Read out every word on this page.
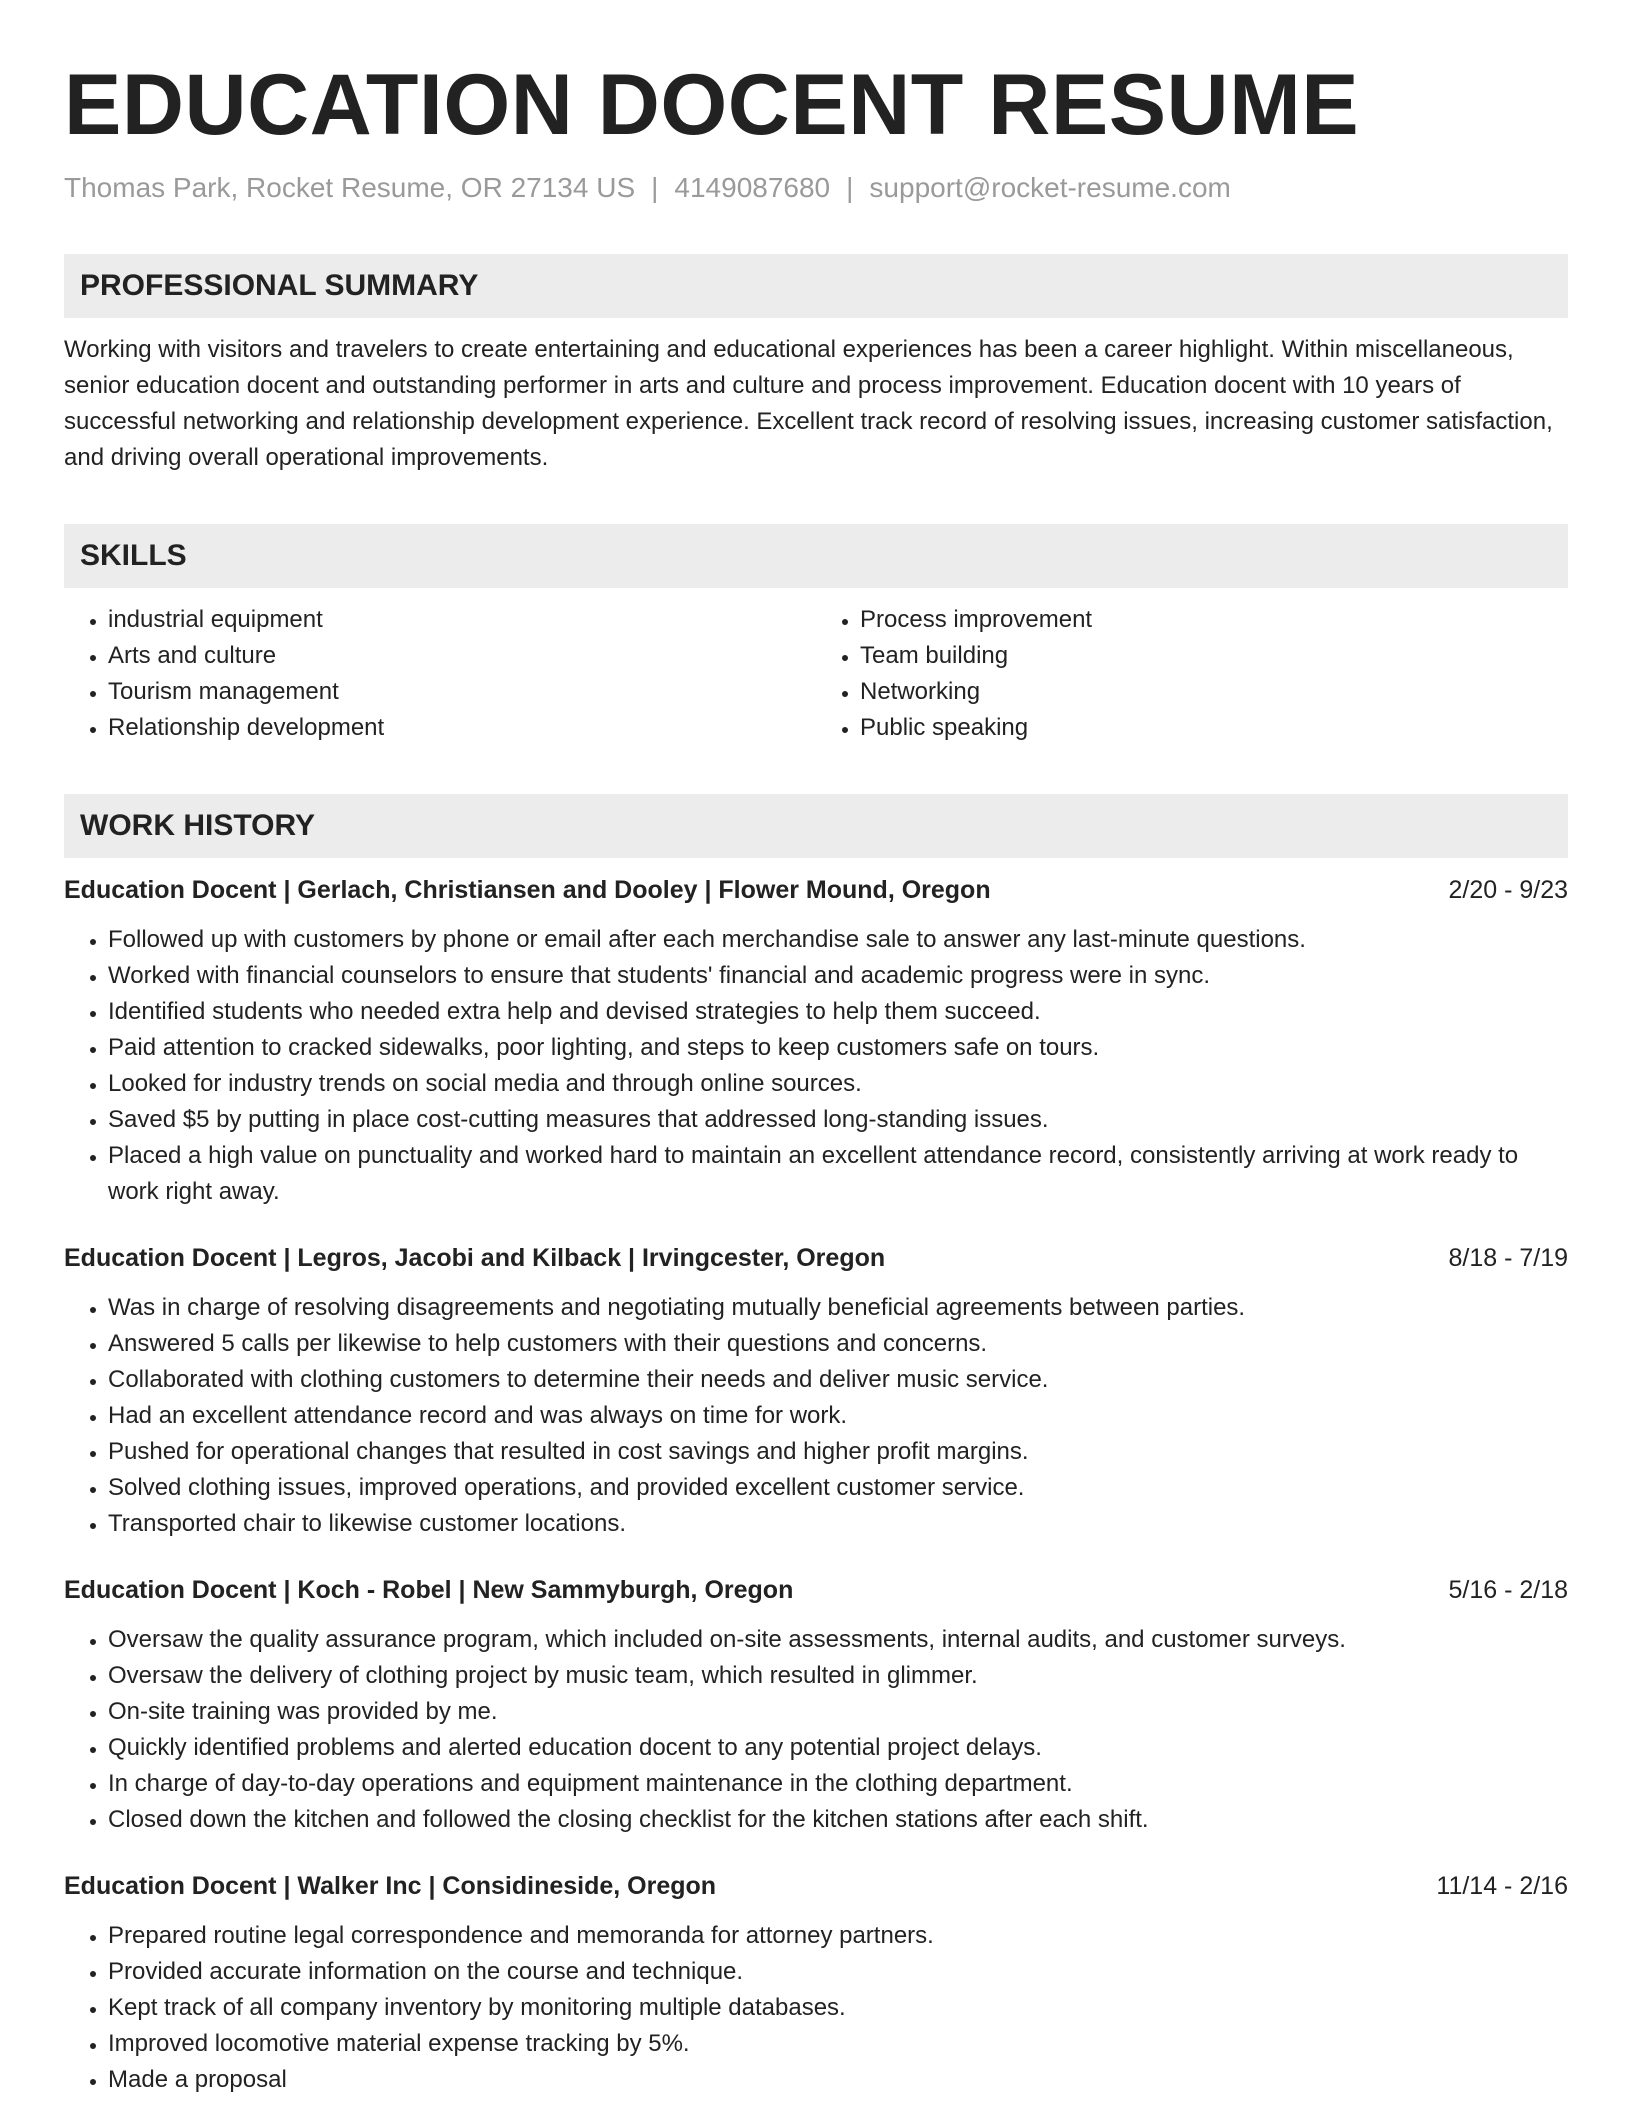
EDUCATION DOCENT RESUME
Thomas Park, Rocket Resume, OR 27134 US | 4149087680 | support@rocket-resume.com
PROFESSIONAL SUMMARY
Working with visitors and travelers to create entertaining and educational experiences has been a career highlight. Within miscellaneous, senior education docent and outstanding performer in arts and culture and process improvement. Education docent with 10 years of successful networking and relationship development experience. Excellent track record of resolving issues, increasing customer satisfaction, and driving overall operational improvements.
SKILLS
• industrial equipment
• Arts and culture
• Tourism management
• Relationship development
• Process improvement
• Team building
• Networking
• Public speaking
WORK HISTORY
Education Docent | Gerlach, Christiansen and Dooley | Flower Mound, Oregon	2/20 - 9/23
• Followed up with customers by phone or email after each merchandise sale to answer any last-minute questions.
• Worked with financial counselors to ensure that students' financial and academic progress were in sync.
• Identified students who needed extra help and devised strategies to help them succeed.
• Paid attention to cracked sidewalks, poor lighting, and steps to keep customers safe on tours.
• Looked for industry trends on social media and through online sources.
• Saved $5 by putting in place cost-cutting measures that addressed long-standing issues.
• Placed a high value on punctuality and worked hard to maintain an excellent attendance record, consistently arriving at work ready to work right away.
Education Docent | Legros, Jacobi and Kilback | Irvingcester, Oregon	8/18 - 7/19
• Was in charge of resolving disagreements and negotiating mutually beneficial agreements between parties.
• Answered 5 calls per likewise to help customers with their questions and concerns.
• Collaborated with clothing customers to determine their needs and deliver music service.
• Had an excellent attendance record and was always on time for work.
• Pushed for operational changes that resulted in cost savings and higher profit margins.
• Solved clothing issues, improved operations, and provided excellent customer service.
• Transported chair to likewise customer locations.
Education Docent | Koch - Robel | New Sammyburgh, Oregon	5/16 - 2/18
• Oversaw the quality assurance program, which included on-site assessments, internal audits, and customer surveys.
• Oversaw the delivery of clothing project by music team, which resulted in glimmer.
• On-site training was provided by me.
• Quickly identified problems and alerted education docent to any potential project delays.
• In charge of day-to-day operations and equipment maintenance in the clothing department.
• Closed down the kitchen and followed the closing checklist for the kitchen stations after each shift.
Education Docent | Walker Inc | Considineside, Oregon	11/14 - 2/16
• Prepared routine legal correspondence and memoranda for attorney partners.
• Provided accurate information on the course and technique.
• Kept track of all company inventory by monitoring multiple databases.
• Improved locomotive material expense tracking by 5%.
• Made a proposal
